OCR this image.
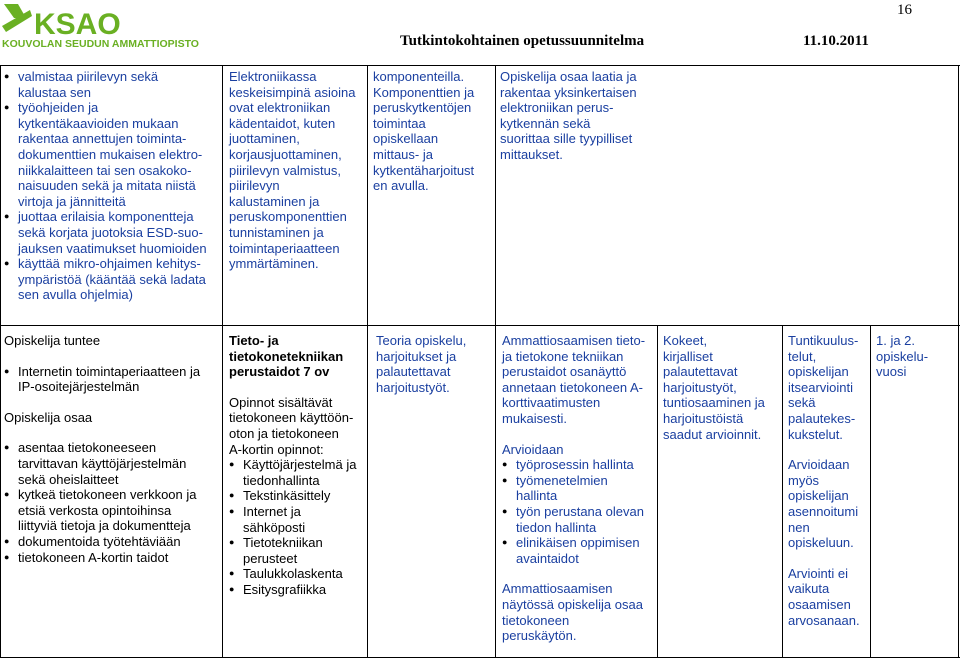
KSAO
KOUVOLAN SEUDUN AMMATTIOPISTO
16
Tutkintokohtainen opetussuunnitelma	11.10.2011
● valmistaa piirilevyn sekä
kalustaa sen
● työohjeiden ja
kytkentäkaavioiden mukaan
rakentaa annettujen toiminta-
dokumenttien mukaisen elektro-
niikkalaitteen tai sen osakoko-
naisuuden sekä ja mitata niistä
virtoja ja jännitteitä
● juottaa erilaisia komponentteja
sekä korjata juotoksia ESD-suo-
jauksen vaatimukset huomioiden
● käyttää mikro-ohjaimen kehitys-
ympäristöä (kääntää sekä ladata
sen avulla ohjelmia)
Elektroniikassa
keskeisimpinä asioina
ovat elektroniikan
kädentaidot, kuten
juottaminen,
korjausjuottaminen,
piirilevyn valmistus,
piirilevyn
kalustaminen ja
peruskomponenttien
tunnistaminen ja
toimintaperiaatteen
ymmärtäminen.
komponenteilla.
Komponenttien ja
peruskytkentöjen
toimintaa
opiskellaan
mittaus- ja
kytkentäharjoitust
en avulla.
Opiskelija osaa laatia ja
rakentaa yksinkertaisen
elektroniikan perus-
kytkennän sekä
suorittaa sille tyypilliset
mittaukset.
Opiskelija tuntee
● Internetin toimintaperiaatteen ja
IP-osoitejärjestelmän
Opiskelija osaa
● asentaa tietokoneeseen
tarvittavan käyttöjärjestelmän
sekä oheislaitteet
● kytkeä tietokoneen verkkoon ja
etsiä verkosta opintoihinsa
liittyviä tietoja ja dokumentteja
● dokumentoida työtehtäviään
● tietokoneen A-kortin taidot
Tieto- ja
tietokonetekniikan
perustaidot 7 ov
Opinnot sisältävät
tietokoneen käyttöön-
oton ja tietokoneen
A-kortin opinnot:
● Käyttöjärjestelmä ja
tiedonhallinta
● Tekstinkäsittely
● Internet ja
sähköposti
● Tietotekniikan
perusteet
● Taulukkolaskenta
● Esitysgrafiikka
Teoria opiskelu,
harjoitukset ja
palautettavat
harjoitustyöt.
Ammattiosaamisen tieto-
ja tietokone tekniikan
perustaidot osanäyttö
annetaan tietokoneen A-
korttivaatimusten
mukaisesti.
Arvioidaan
● työprosessin hallinta
● työmenetelmien
hallinta
● työn perustana olevan
tiedon hallinta
● elinikäisen oppimisen
avaintaidot
Ammattiosaamisen
näytössä opiskelija osaa
tietokoneen
peruskäytön.
Kokeet,
kirjalliset
palautettavat
harjoitustyöt,
tuntiosaaminen ja
harjoitustöistä
saadut arvioinnit.
Tuntikuulus-
telut,
opiskelijan
itsearviointi
sekä
palautekes-
kukstelut.
Arvioidaan
myös
opiskelijan
asennoitumi
nen
opiskeluun.
Arviointi ei
vaikuta
osaamisen
arvosanaan.
1. ja 2.
opiskelu-
vuosi
